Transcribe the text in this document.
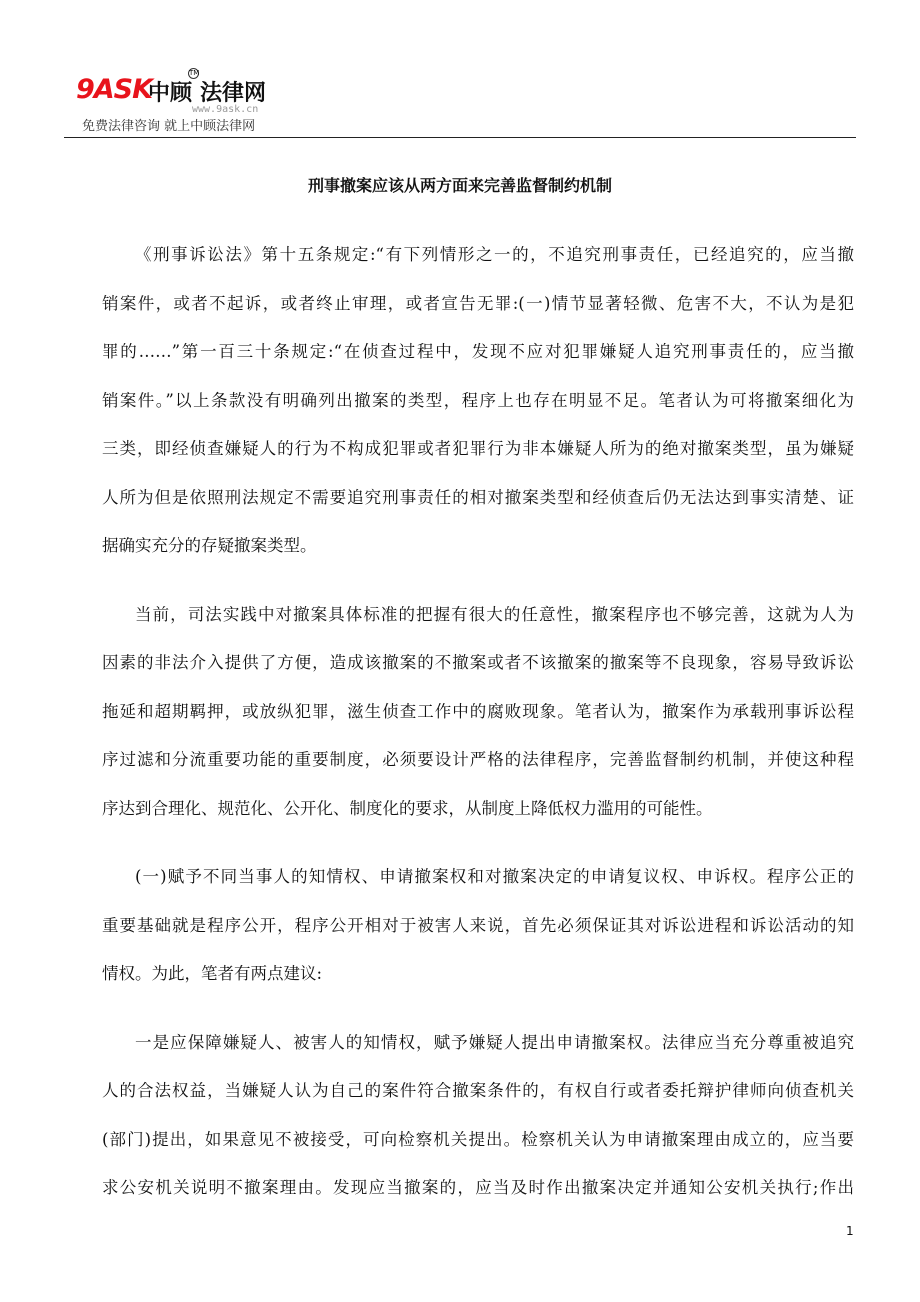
9ASK
中顾
TM
法律网
www.9ask.cn
免费法律咨询 就上中顾法律网
刑事撤案应该从两方面来完善监督制约机制
《刑事诉讼法》第十五条规定:“有下列情形之一的，不追究刑事责任，已经追究的，应当撤
销案件，或者不起诉，或者终止审理，或者宣告无罪:(一)情节显著轻微、危害不大，不认为是犯
罪的……”第一百三十条规定:“在侦查过程中，发现不应对犯罪嫌疑人追究刑事责任的，应当撤
销案件。”以上条款没有明确列出撤案的类型，程序上也存在明显不足。笔者认为可将撤案细化为
三类，即经侦查嫌疑人的行为不构成犯罪或者犯罪行为非本嫌疑人所为的绝对撤案类型，虽为嫌疑
人所为但是依照刑法规定不需要追究刑事责任的相对撤案类型和经侦查后仍无法达到事实清楚、证
据确实充分的存疑撤案类型。
当前，司法实践中对撤案具体标准的把握有很大的任意性，撤案程序也不够完善，这就为人为
因素的非法介入提供了方便，造成该撤案的不撤案或者不该撤案的撤案等不良现象，容易导致诉讼
拖延和超期羁押，或放纵犯罪，滋生侦查工作中的腐败现象。笔者认为，撤案作为承载刑事诉讼程
序过滤和分流重要功能的重要制度，必须要设计严格的法律程序，完善监督制约机制，并使这种程
序达到合理化、规范化、公开化、制度化的要求，从制度上降低权力滥用的可能性。
(一)赋予不同当事人的知情权、申请撤案权和对撤案决定的申请复议权、申诉权。程序公正的
重要基础就是程序公开，程序公开相对于被害人来说，首先必须保证其对诉讼进程和诉讼活动的知
情权。为此，笔者有两点建议:
一是应保障嫌疑人、被害人的知情权，赋予嫌疑人提出申请撤案权。法律应当充分尊重被追究
人的合法权益，当嫌疑人认为自己的案件符合撤案条件的，有权自行或者委托辩护律师向侦查机关
(部门)提出，如果意见不被接受，可向检察机关提出。检察机关认为申请撤案理由成立的，应当要
求公安机关说明不撤案理由。发现应当撤案的，应当及时作出撤案决定并通知公安机关执行;作出
1
